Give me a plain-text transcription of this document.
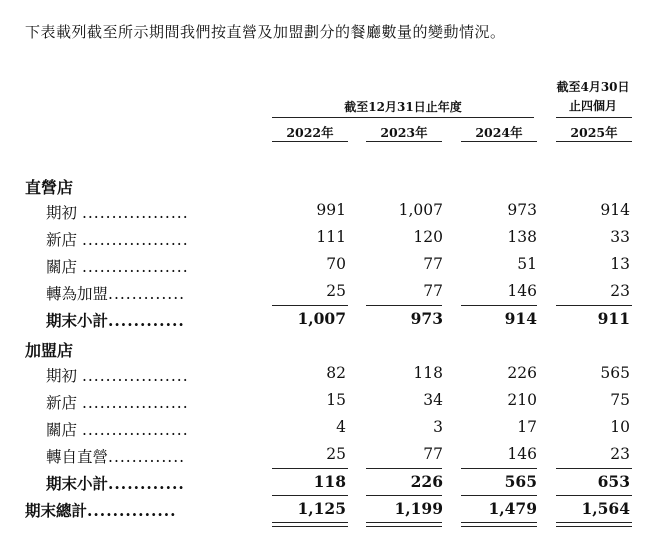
下表載列截至所示期間我們按直營及加盟劃分的餐廳數量的變動情況。
截至12月31日止年度
截至4月30日
止四個月
2022年	2023年	2024年	2025年
直營店
期初 ..................	991	1,007	973	914
新店 ..................	111	120	138	33
關店 ..................	70	77	51	13
轉為加盟.............	25	77	146	23
期末小計............	1,007	973	914	911
加盟店
期初 ..................	82	118	226	565
新店 ..................	15	34	210	75
關店 ..................	4	3	17	10
轉自直營.............	25	77	146	23
期末小計............	118	226	565	653
期末總計..............	1,125	1,199	1,479	1,564
